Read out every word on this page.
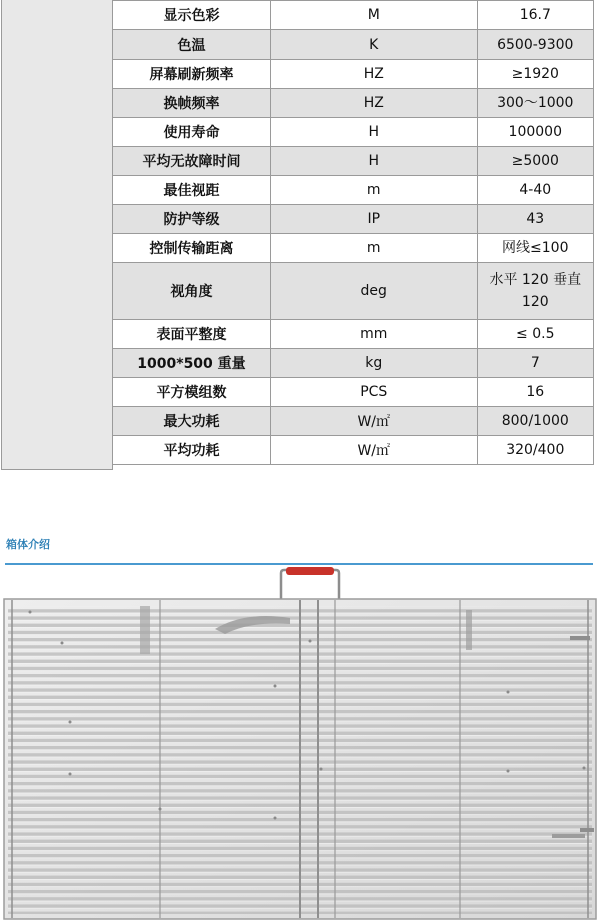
显示色彩	M	16.7
色温	K	6500-9300
屏幕刷新频率	HZ	≥1920
换帧频率	HZ	300～1000
使用寿命	H	100000
平均无故障时间	H	≥5000
最佳视距	m	4-40
防护等级	IP	43
控制传输距离	m	网线≤100
视角度	deg	水平 120 垂直 120
表面平整度	mm	≤ 0.5
1000*500 重量	kg	7
平方模组数	PCS	16
最大功耗	W/㎡	800/1000
平均功耗	W/㎡	320/400
箱体介绍
